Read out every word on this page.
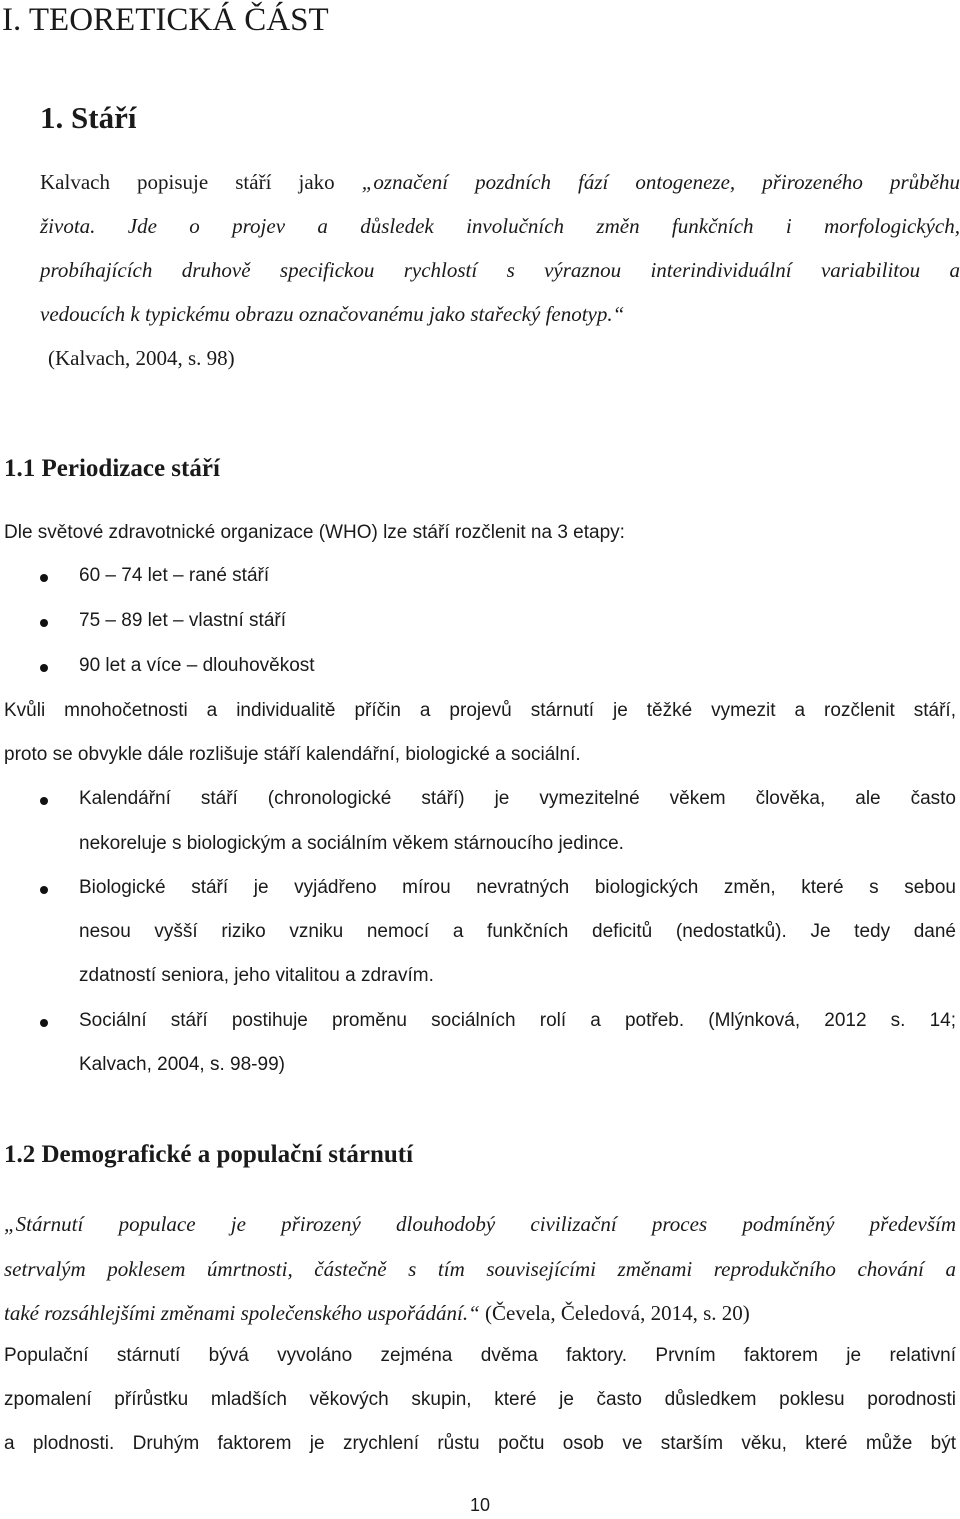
I. TEORETICKÁ ČÁST
1. Stáří
Kalvach popisuje stáří jako „označení pozdních fází ontogeneze, přirozeného průběhu
života. Jde o projev a důsledek involučních změn funkčních i morfologických,
probíhajících druhově specifickou rychlostí s výraznou interindividuální variabilitou a
vedoucích k typickému obrazu označovanému jako stařecký fenotyp.“
(Kalvach, 2004, s. 98)
1.1 Periodizace stáří
Dle světové zdravotnické organizace (WHO) lze stáří rozčlenit na 3 etapy:
60 – 74 let – rané stáří
75 – 89 let – vlastní stáří
90 let a více – dlouhověkost
Kvůli mnohočetnosti a individualitě příčin a projevů stárnutí je těžké vymezit a rozčlenit stáří,
proto se obvykle dále rozlišuje stáří kalendářní, biologické a sociální.
Kalendářní stáří (chronologické stáří) je vymezitelné věkem člověka, ale často
nekoreluje s biologickým a sociálním věkem stárnoucího jedince.
Biologické stáří je vyjádřeno mírou nevratných biologických změn, které s sebou
nesou vyšší riziko vzniku nemocí a funkčních deficitů (nedostatků). Je tedy dané
zdatností seniora, jeho vitalitou a zdravím.
Sociální stáří postihuje proměnu sociálních rolí a potřeb. (Mlýnková, 2012 s. 14;
Kalvach, 2004, s. 98-99)
1.2 Demografické a populační stárnutí
„Stárnutí populace je přirozený dlouhodobý civilizační proces podmíněný především
setrvalým poklesem úmrtnosti, částečně s tím souvisejícími změnami reprodukčního chování a
také rozsáhlejšími změnami společenského uspořádání.“ (Čevela, Čeledová, 2014, s. 20)
Populační stárnutí bývá vyvoláno zejména dvěma faktory. Prvním faktorem je relativní
zpomalení přírůstku mladších věkových skupin, které je často důsledkem poklesu porodnosti
a plodnosti. Druhým faktorem je zrychlení růstu počtu osob ve starším věku, které může být
10
